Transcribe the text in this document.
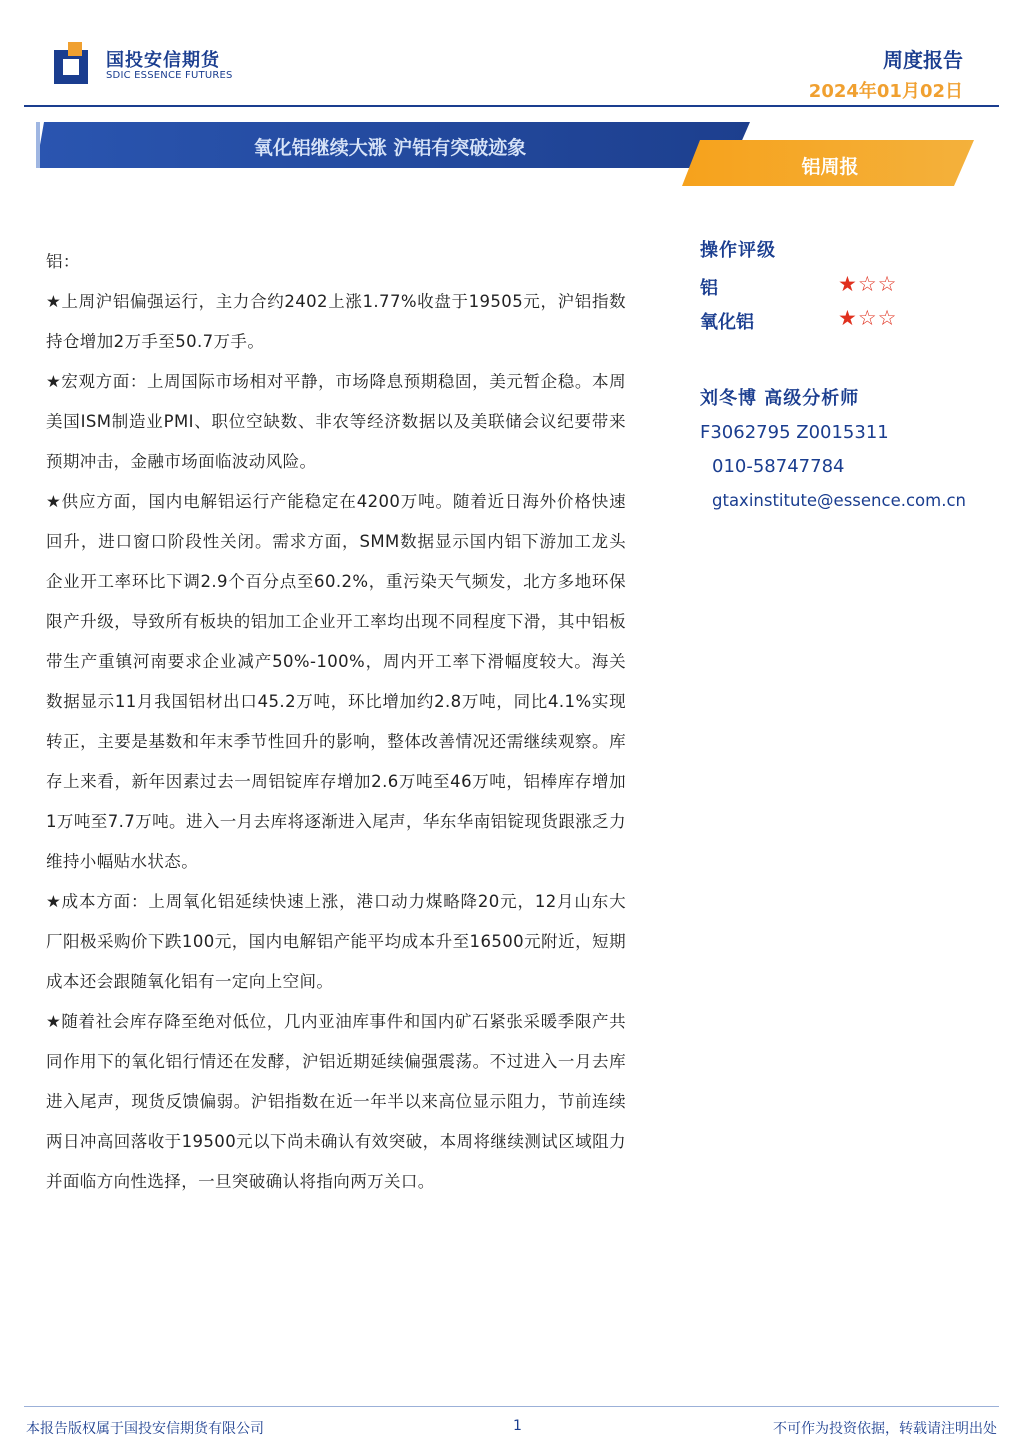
国投安信期货
SDIC ESSENCE FUTURES
周度报告
2024年01月02日
氧化铝继续大涨 沪铝有突破迹象
铝周报

铝：

★上周沪铝偏强运行，主力合约2402上涨1.77%收盘于19505元，沪铝指数持仓增加2万手至50.7万手。

★宏观方面：上周国际市场相对平静，市场降息预期稳固，美元暂企稳。本周美国ISM制造业PMI、职位空缺数、非农等经济数据以及美联储会议纪要带来预期冲击，金融市场面临波动风险。

★供应方面，国内电解铝运行产能稳定在4200万吨。随着近日海外价格快速回升，进口窗口阶段性关闭。需求方面，SMM数据显示国内铝下游加工龙头企业开工率环比下调2.9个百分点至60.2%，重污染天气频发，北方多地环保限产升级，导致所有板块的铝加工企业开工率均出现不同程度下滑，其中铝板带生产重镇河南要求企业减产50%-100%，周内开工率下滑幅度较大。海关数据显示11月我国铝材出口45.2万吨，环比增加约2.8万吨，同比4.1%实现转正，主要是基数和年末季节性回升的影响，整体改善情况还需继续观察。库存上来看，新年因素过去一周铝锭库存增加2.6万吨至46万吨，铝棒库存增加1万吨至7.7万吨。进入一月去库将逐渐进入尾声，华东华南铝锭现货跟涨乏力维持小幅贴水状态。

★成本方面：上周氧化铝延续快速上涨，港口动力煤略降20元，12月山东大厂阳极采购价下跌100元，国内电解铝产能平均成本升至16500元附近，短期成本还会跟随氧化铝有一定向上空间。

★随着社会库存降至绝对低位，几内亚油库事件和国内矿石紧张采暖季限产共同作用下的氧化铝行情还在发酵，沪铝近期延续偏强震荡。不过进入一月去库进入尾声，现货反馈偏弱。沪铝指数在近一年半以来高位显示阻力，节前连续两日冲高回落收于19500元以下尚未确认有效突破，本周将继续测试区域阻力并面临方向性选择，一旦突破确认将指向两万关口。

操作评级
铝	★☆☆
氧化铝	★☆☆
刘冬博 高级分析师
F3062795 Z0015311
010-58747784
gtaxinstitute@essence.com.cn
本报告版权属于国投安信期货有限公司	1	不可作为投资依据，转载请注明出处
